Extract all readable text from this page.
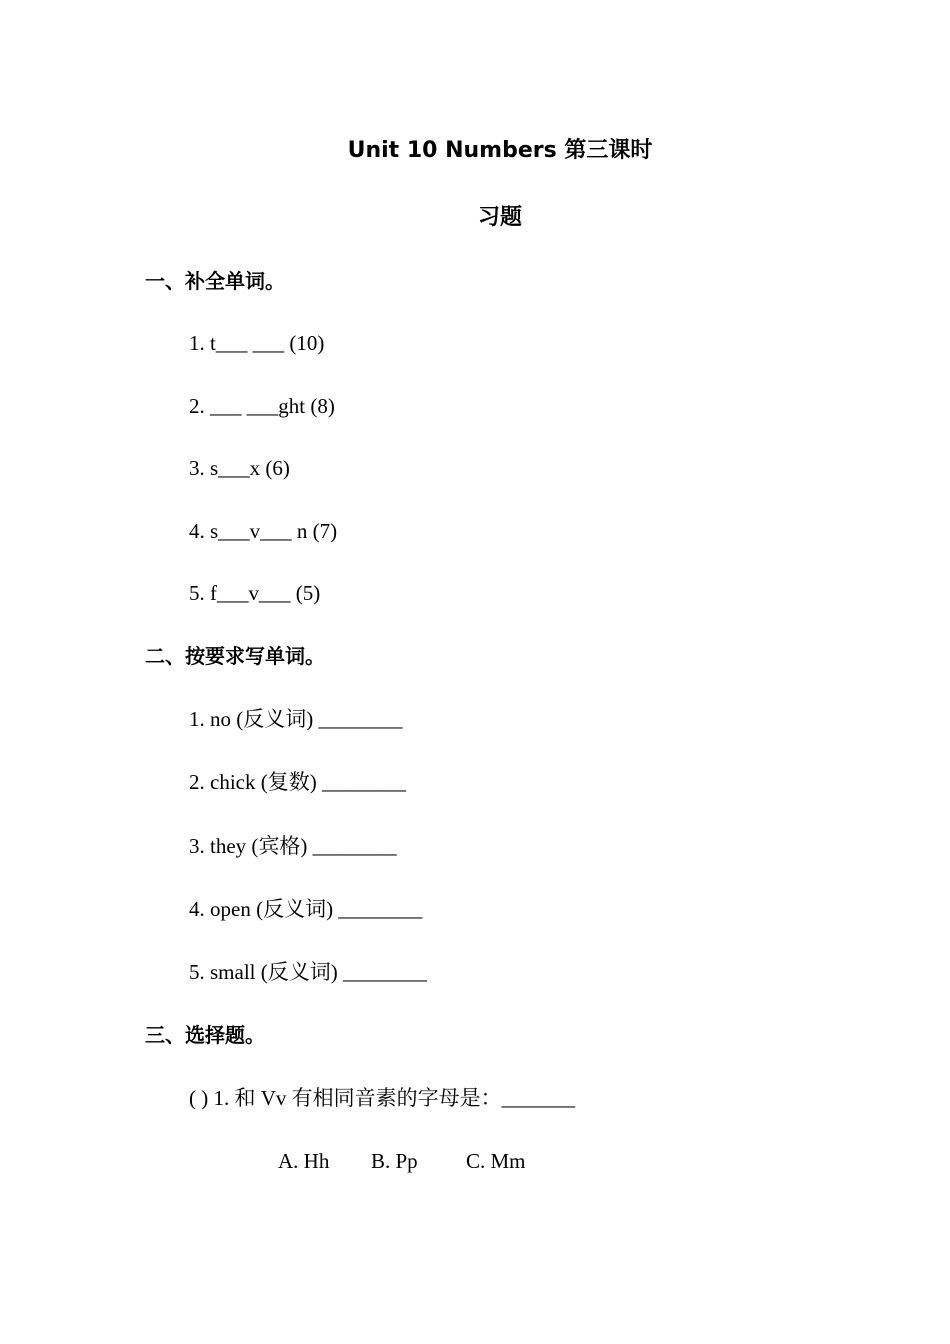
Unit 10 Numbers 第三课时
习题
一、补全单词。
1. t___ ___ (10)
2. ___ ___ght (8)
3. s___x (6)
4. s___v___ n (7)
5. f___v___ (5)
二、按要求写单词。
1. no (反义词) ________
2. chick (复数) ________
3. they (宾格) ________
4. open (反义词) ________
5. small (反义词) ________
三、选择题。
( ) 1. 和 Vv 有相同音素的字母是：_______
A. Hh B. Pp C. Mm
